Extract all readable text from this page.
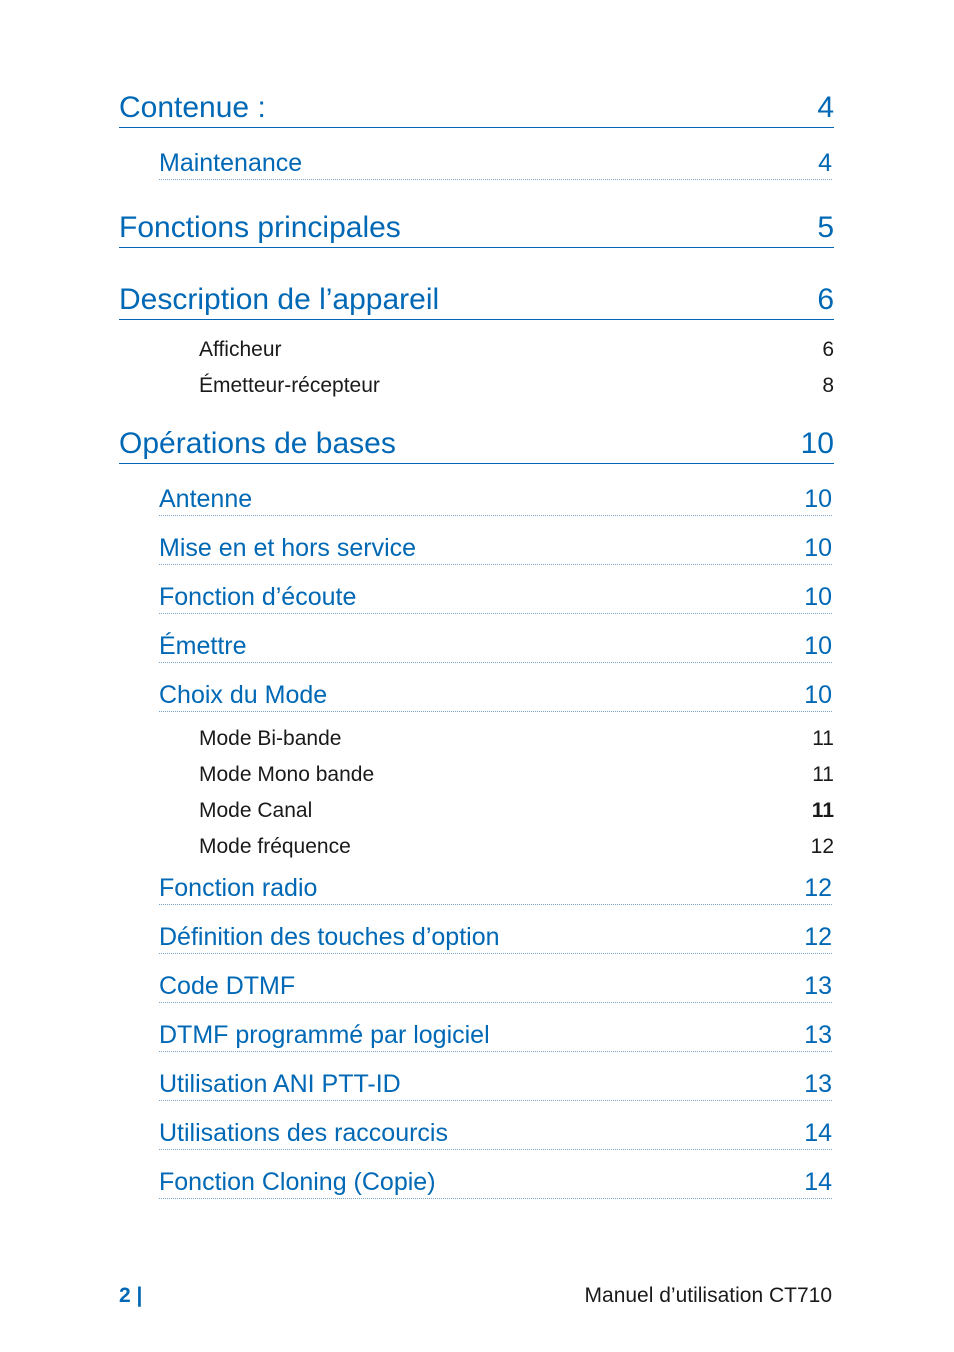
Contenue :	4
Maintenance	4
Fonctions principales	5
Description de l’appareil	6
Afficheur	6
Émetteur-récepteur	8
Opérations de bases	10
Antenne	10
Mise en et hors service	10
Fonction d’écoute	10
Émettre	10
Choix du Mode	10
Mode Bi-bande	11
Mode Mono bande	11
Mode Canal	11
Mode fréquence	12
Fonction radio	12
Définition des touches d’option	12
Code DTMF	13
DTMF programmé par logiciel	13
Utilisation ANI PTT-ID	13
Utilisations des raccourcis	14
Fonction Cloning (Copie)	14
2 |	Manuel d’utilisation CT710
